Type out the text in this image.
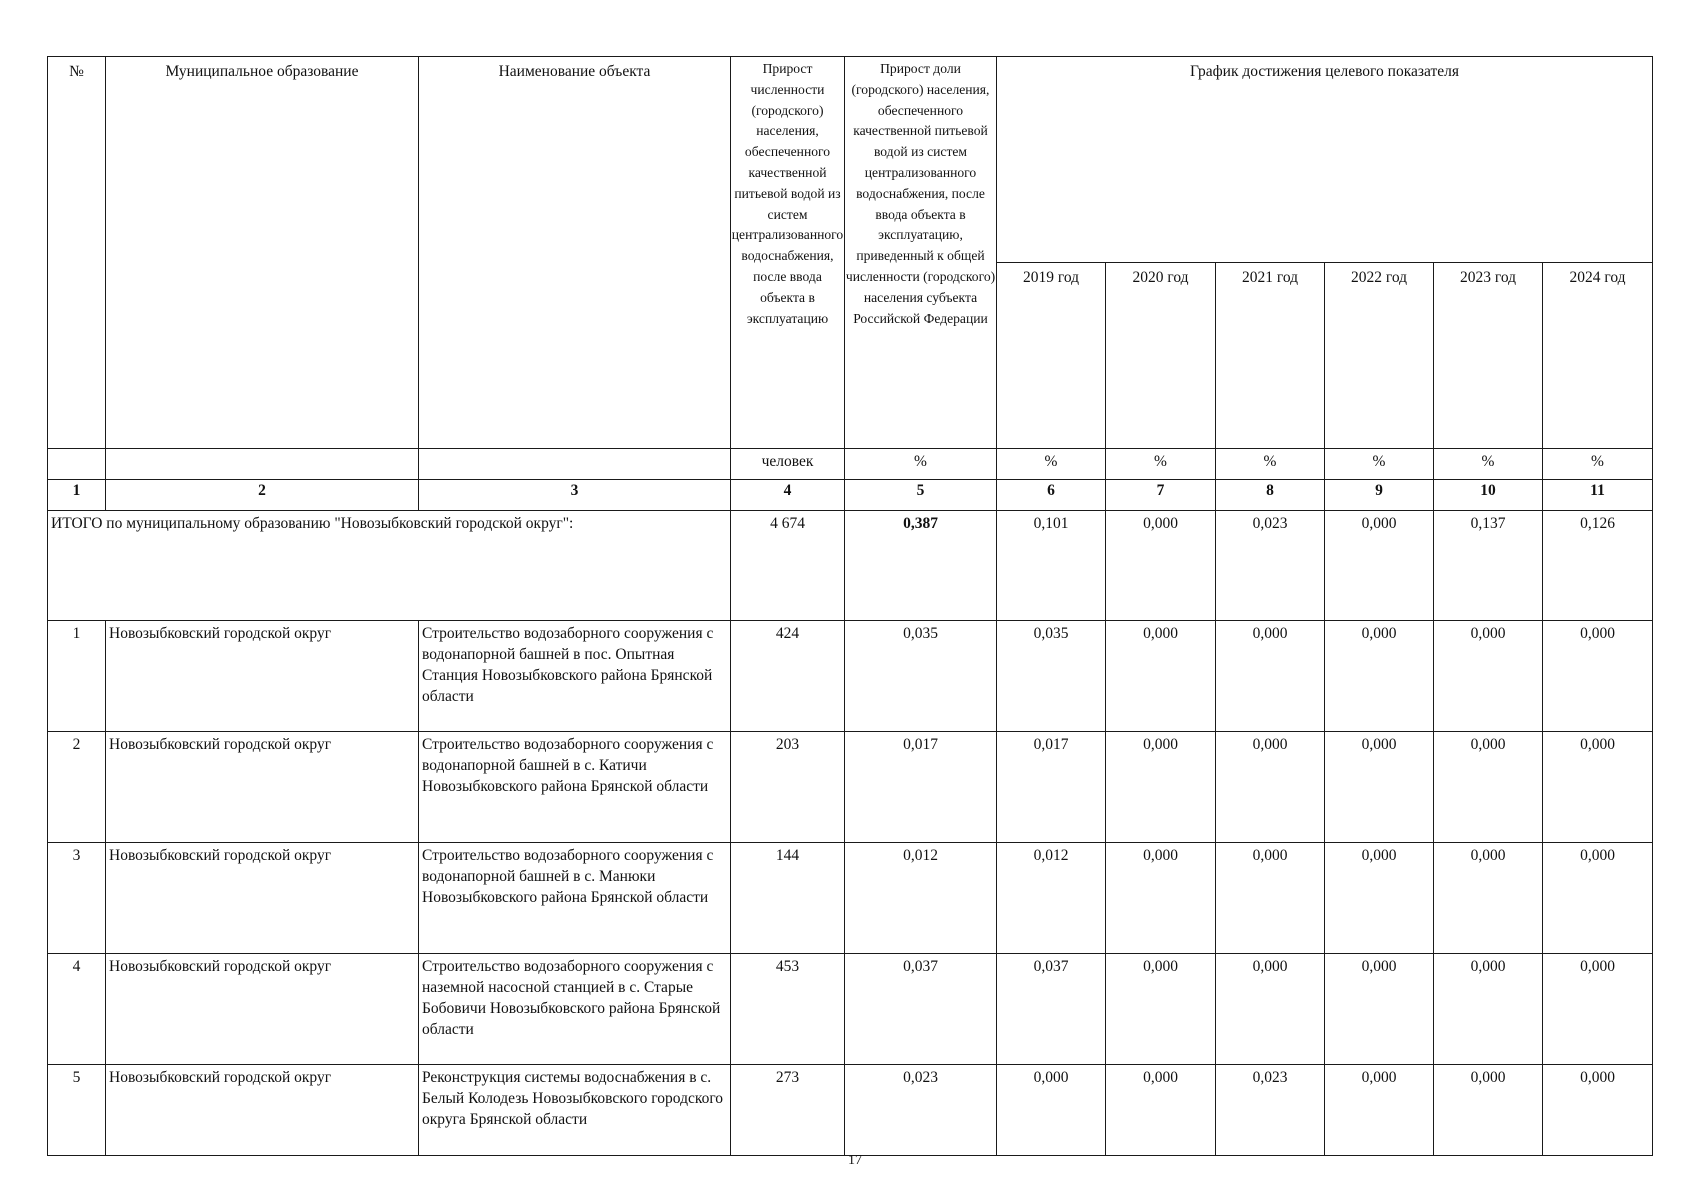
№	Муниципальное образование	Наименование объекта	Прирост численности (городского) населения, обеспеченного качественной питьевой водой из систем централизованного водоснабжения, после ввода объекта в эксплуатацию	Прирост доли (городского) населения, обеспеченного качественной питьевой водой из систем централизованного водоснабжения, после ввода объекта в эксплуатацию, приведенный к общей численности (городского) населения субъекта Российской Федерации	График достижения целевого показателя					
					2019 год	2020 год	2021 год	2022 год	2023 год	2024 год
			человек	%	%	%	%	%	%	%
1	2	3	4	5	6	7	8	9	10	11
ИТОГО по муниципальному образованию "Новозыбковский городской округ":			4 674	0,387	0,101	0,000	0,023	0,000	0,137	0,126
1	Новозыбковский городской округ	Строительство водозаборного сооружения с водонапорной башней в пос. Опытная Станция Новозыбковского района Брянской области	424	0,035	0,035	0,000	0,000	0,000	0,000	0,000
2	Новозыбковский городской округ	Строительство водозаборного сооружения с водонапорной башней в с. Катичи Новозыбковского района Брянской области	203	0,017	0,017	0,000	0,000	0,000	0,000	0,000
3	Новозыбковский городской округ	Строительство водозаборного сооружения с водонапорной башней в с. Манюки Новозыбковского района Брянской области	144	0,012	0,012	0,000	0,000	0,000	0,000	0,000
4	Новозыбковский городской округ	Строительство водозаборного сооружения с наземной насосной станцией в с. Старые Бобовичи Новозыбковского района Брянской области	453	0,037	0,037	0,000	0,000	0,000	0,000	0,000
5	Новозыбковский городской округ	Реконструкция системы водоснабжения в с. Белый Колодезь Новозыбковского городского округа Брянской области	273	0,023	0,000	0,000	0,023	0,000	0,000	0,000
17
